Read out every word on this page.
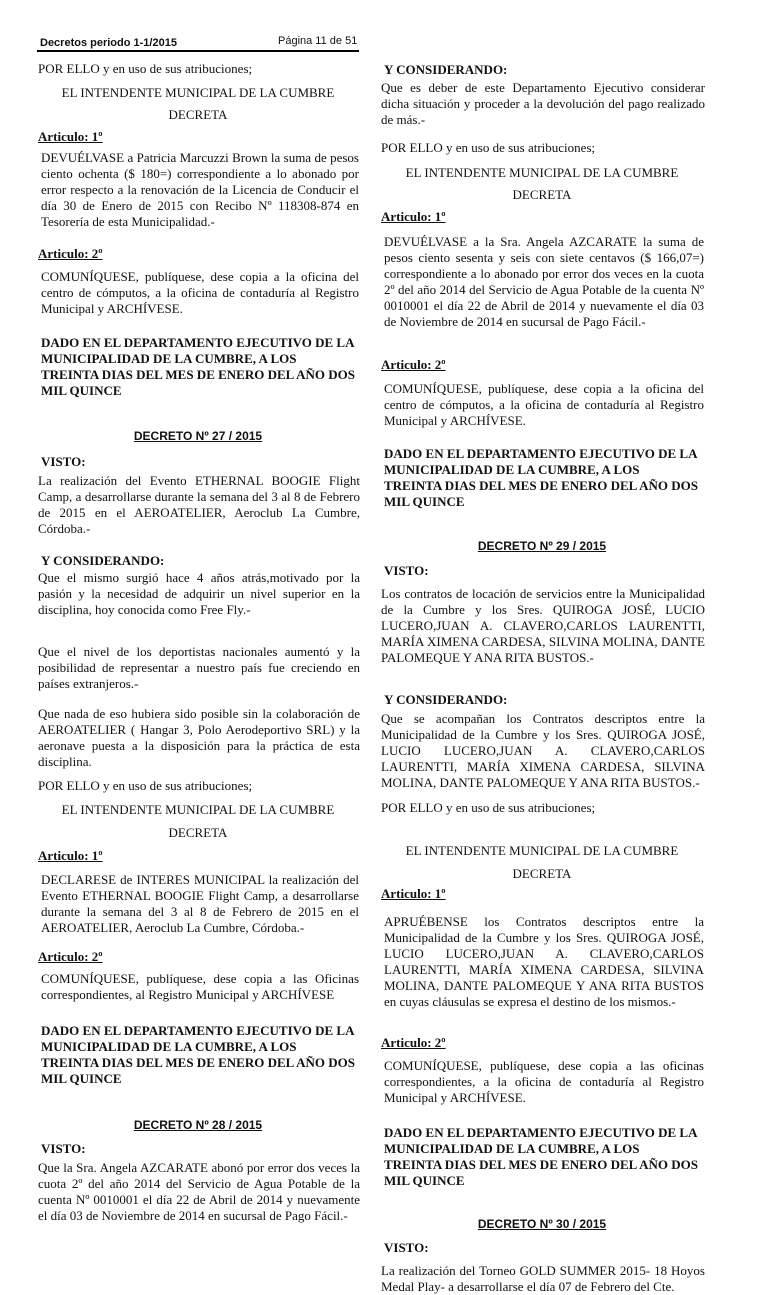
Decretos periodo 1-1/2015	Página 11 de 51
POR ELLO y en uso de sus atribuciones;
EL INTENDENTE MUNICIPAL DE LA CUMBRE
DECRETA
Articulo: 1º
DEVUÉLVASE a Patricia Marcuzzi Brown la suma de pesos ciento ochenta ($ 180=) correspondiente a lo abonado por error respecto a la renovación de la Licencia de Conducir el día 30 de Enero de 2015 con Recibo Nº 118308-874 en Tesorería de esta Municipalidad.-
Articulo: 2º
COMUNÍQUESE, publíquese, dese copia a la oficina del centro de cómputos, a la oficina de contaduría al Registro Municipal y ARCHÍVESE.
DADO EN EL DEPARTAMENTO EJECUTIVO DE LA MUNICIPALIDAD DE LA CUMBRE, A LOS TREINTA DIAS DEL MES DE ENERO DEL AÑO DOS MIL QUINCE
DECRETO Nº 27 / 2015
VISTO:
La realización del Evento ETHERNAL BOOGIE Flight Camp, a desarrollarse durante la semana del 3 al 8 de Febrero de 2015 en el AEROATELIER, Aeroclub La Cumbre, Córdoba.-
Y CONSIDERANDO:
Que el mismo surgió hace 4 años atrás,motivado por la pasión y la necesidad de adquirir un nivel superior en la disciplina, hoy conocida como Free Fly.-
Que el nivel de los deportistas nacionales aumentó y la posibilidad de representar a nuestro país fue creciendo en países extranjeros.-
Que nada de eso hubiera sido posible sin la colaboración de AEROATELIER ( Hangar 3, Polo Aerodeportivo SRL) y la aeronave puesta a la disposición para la práctica de esta disciplina.
POR ELLO y en uso de sus atribuciones;
EL INTENDENTE MUNICIPAL DE LA CUMBRE
DECRETA
Articulo: 1º
DECLARESE de INTERES MUNICIPAL la realización del Evento ETHERNAL BOOGIE Flight Camp, a desarrollarse durante la semana del 3 al 8 de Febrero de 2015 en el AEROATELIER, Aeroclub La Cumbre, Córdoba.-
Articulo: 2º
COMUNÍQUESE, publíquese, dese copia a las Oficinas correspondientes, al Registro Municipal y ARCHÍVESE
DADO EN EL DEPARTAMENTO EJECUTIVO DE LA MUNICIPALIDAD DE LA CUMBRE, A LOS TREINTA DIAS DEL MES DE ENERO DEL AÑO DOS MIL QUINCE
DECRETO Nº 28 / 2015
VISTO:
Que la Sra. Angela AZCARATE abonó por error dos veces la cuota 2º del año 2014 del Servicio de Agua Potable de la cuenta Nº 0010001 el día 22 de Abril de 2014 y nuevamente el día 03 de Noviembre de 2014 en sucursal de Pago Fácil.-
Y CONSIDERANDO:
Que es deber de este Departamento Ejecutivo considerar dicha situación y proceder a la devolución del pago realizado de más.-
POR ELLO y en uso de sus atribuciones;
EL INTENDENTE MUNICIPAL DE LA CUMBRE
DECRETA
Articulo: 1º
DEVUÉLVASE a la Sra. Angela AZCARATE la suma de pesos ciento sesenta y seis con siete centavos ($ 166,07=) correspondiente a lo abonado por error dos veces en la cuota 2º del año 2014 del Servicio de Agua Potable de la cuenta Nº 0010001 el día 22 de Abril de 2014 y nuevamente el día 03 de Noviembre de 2014 en sucursal de Pago Fácil.-
Articulo: 2º
COMUNÍQUESE, publíquese, dese copia a la oficina del centro de cómputos, a la oficina de contaduría al Registro Municipal y ARCHÍVESE.
DADO EN EL DEPARTAMENTO EJECUTIVO DE LA MUNICIPALIDAD DE LA CUMBRE, A LOS TREINTA DIAS DEL MES DE ENERO DEL AÑO DOS MIL QUINCE
DECRETO Nº 29 / 2015
VISTO:
Los contratos de locación de servicios entre la Municipalidad de la Cumbre y los Sres. QUIROGA JOSÉ, LUCIO LUCERO,JUAN A. CLAVERO,CARLOS LAURENTTI, MARÍA XIMENA CARDESA, SILVINA MOLINA, DANTE PALOMEQUE Y ANA RITA BUSTOS.-
Y CONSIDERANDO:
Que se acompañan los Contratos descriptos entre la Municipalidad de la Cumbre y los Sres. QUIROGA JOSÉ, LUCIO LUCERO,JUAN A. CLAVERO,CARLOS LAURENTTI, MARÍA XIMENA CARDESA, SILVINA MOLINA, DANTE PALOMEQUE Y ANA RITA BUSTOS.-
POR ELLO y en uso de sus atribuciones;
EL INTENDENTE MUNICIPAL DE LA CUMBRE
DECRETA
Articulo: 1º
APRUÉBENSE los Contratos descriptos entre la Municipalidad de la Cumbre y los Sres. QUIROGA JOSÉ, LUCIO LUCERO,JUAN A. CLAVERO,CARLOS LAURENTTI, MARÍA XIMENA CARDESA, SILVINA MOLINA, DANTE PALOMEQUE Y ANA RITA BUSTOS en cuyas cláusulas se expresa el destino de los mismos.-
Articulo: 2º
COMUNÍQUESE, publíquese, dese copia a las oficinas correspondientes, a la oficina de contaduría al Registro Municipal y ARCHÍVESE.
DADO EN EL DEPARTAMENTO EJECUTIVO DE LA MUNICIPALIDAD DE LA CUMBRE, A LOS TREINTA DIAS DEL MES DE ENERO DEL AÑO DOS MIL QUINCE
DECRETO Nº 30 / 2015
VISTO:
La realización del Torneo GOLD SUMMER 2015- 18 Hoyos Medal Play- a desarrollarse el día 07 de Febrero del Cte.
